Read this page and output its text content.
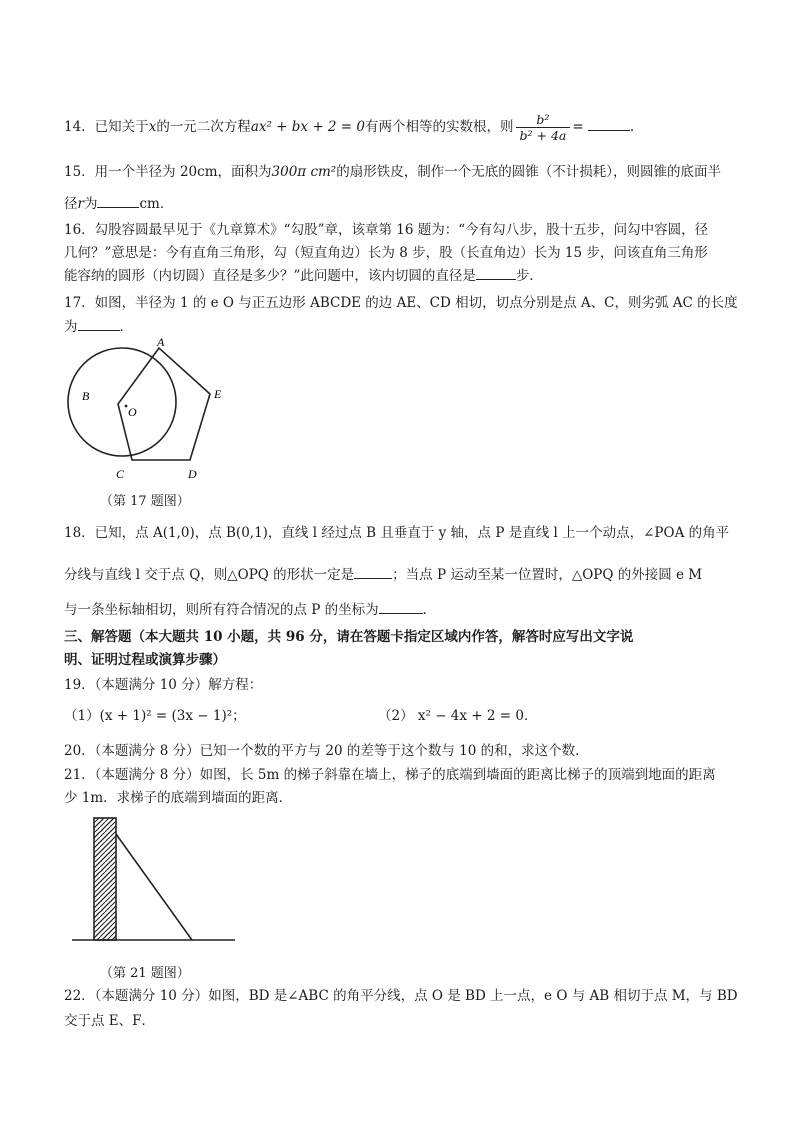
14．已知关于x的一元二次方程ax² + bx + 2 = 0有两个相等的实数根，则 $\frac{\text{b²}}{\text{b² + 4a}}$ =	．
15．用一个半径为 20cm，面积为300π cm²的扇形铁皮，制作一个无底的圆锥（不计损耗），则圆锥的底面半
径r为	cm．
16．勾股容圆最早见于《九章算术》“勾股”章，该章第 16 题为：“今有勾八步，股十五步，问勾中容圆，径
几何？”意思是：今有直角三角形，勾（短直角边）长为 8 步，股（长直角边）长为 15 步，问该直角三角形
能容纳的圆形（内切圆）直径是多少？”此问题中，该内切圆的直径是	步．
17．如图，半径为 1 的 e O 与正五边形 ABCDE 的边 AE、CD 相切，切点分别是点 A、C，则劣弧 AC 的长度
为	．
A
B
C	D
E
O
（第 17 题图）
18．已知，点 A(1,0)，点 B(0,1)，直线 l 经过点 B 且垂直于 y 轴，点 P 是直线 l 上一个动点，∠POA 的角平
分线与直线 l 交于点 Q，则△OPQ 的形状一定是	；当点 P 运动至某一位置时，△OPQ 的外接圆 e M
与一条坐标轴相切，则所有符合情况的点 P 的坐标为	．
三、解答题（本大题共 10 小题，共 96 分，请在答题卡指定区域内作答，解答时应写出文字说
明、证明过程或演算步骤）
19．（本题满分 10 分）解方程：
（1）(x + 1)² = (3x − 1)²；	（2） x² − 4x + 2 = 0．
20．（本题满分 8 分）已知一个数的平方与 20 的差等于这个数与 10 的和，求这个数．
21．（本题满分 8 分）如图，长 5m 的梯子斜靠在墙上，梯子的底端到墙面的距离比梯子的顶端到地面的距离
少 1m．求梯子的底端到墙面的距离．
（第 21 题图）
22．（本题满分 10 分）如图，BD 是∠ABC 的角平分线，点 O 是 BD 上一点，e O 与 AB 相切于点 M，与 BD
交于点 E、F．
